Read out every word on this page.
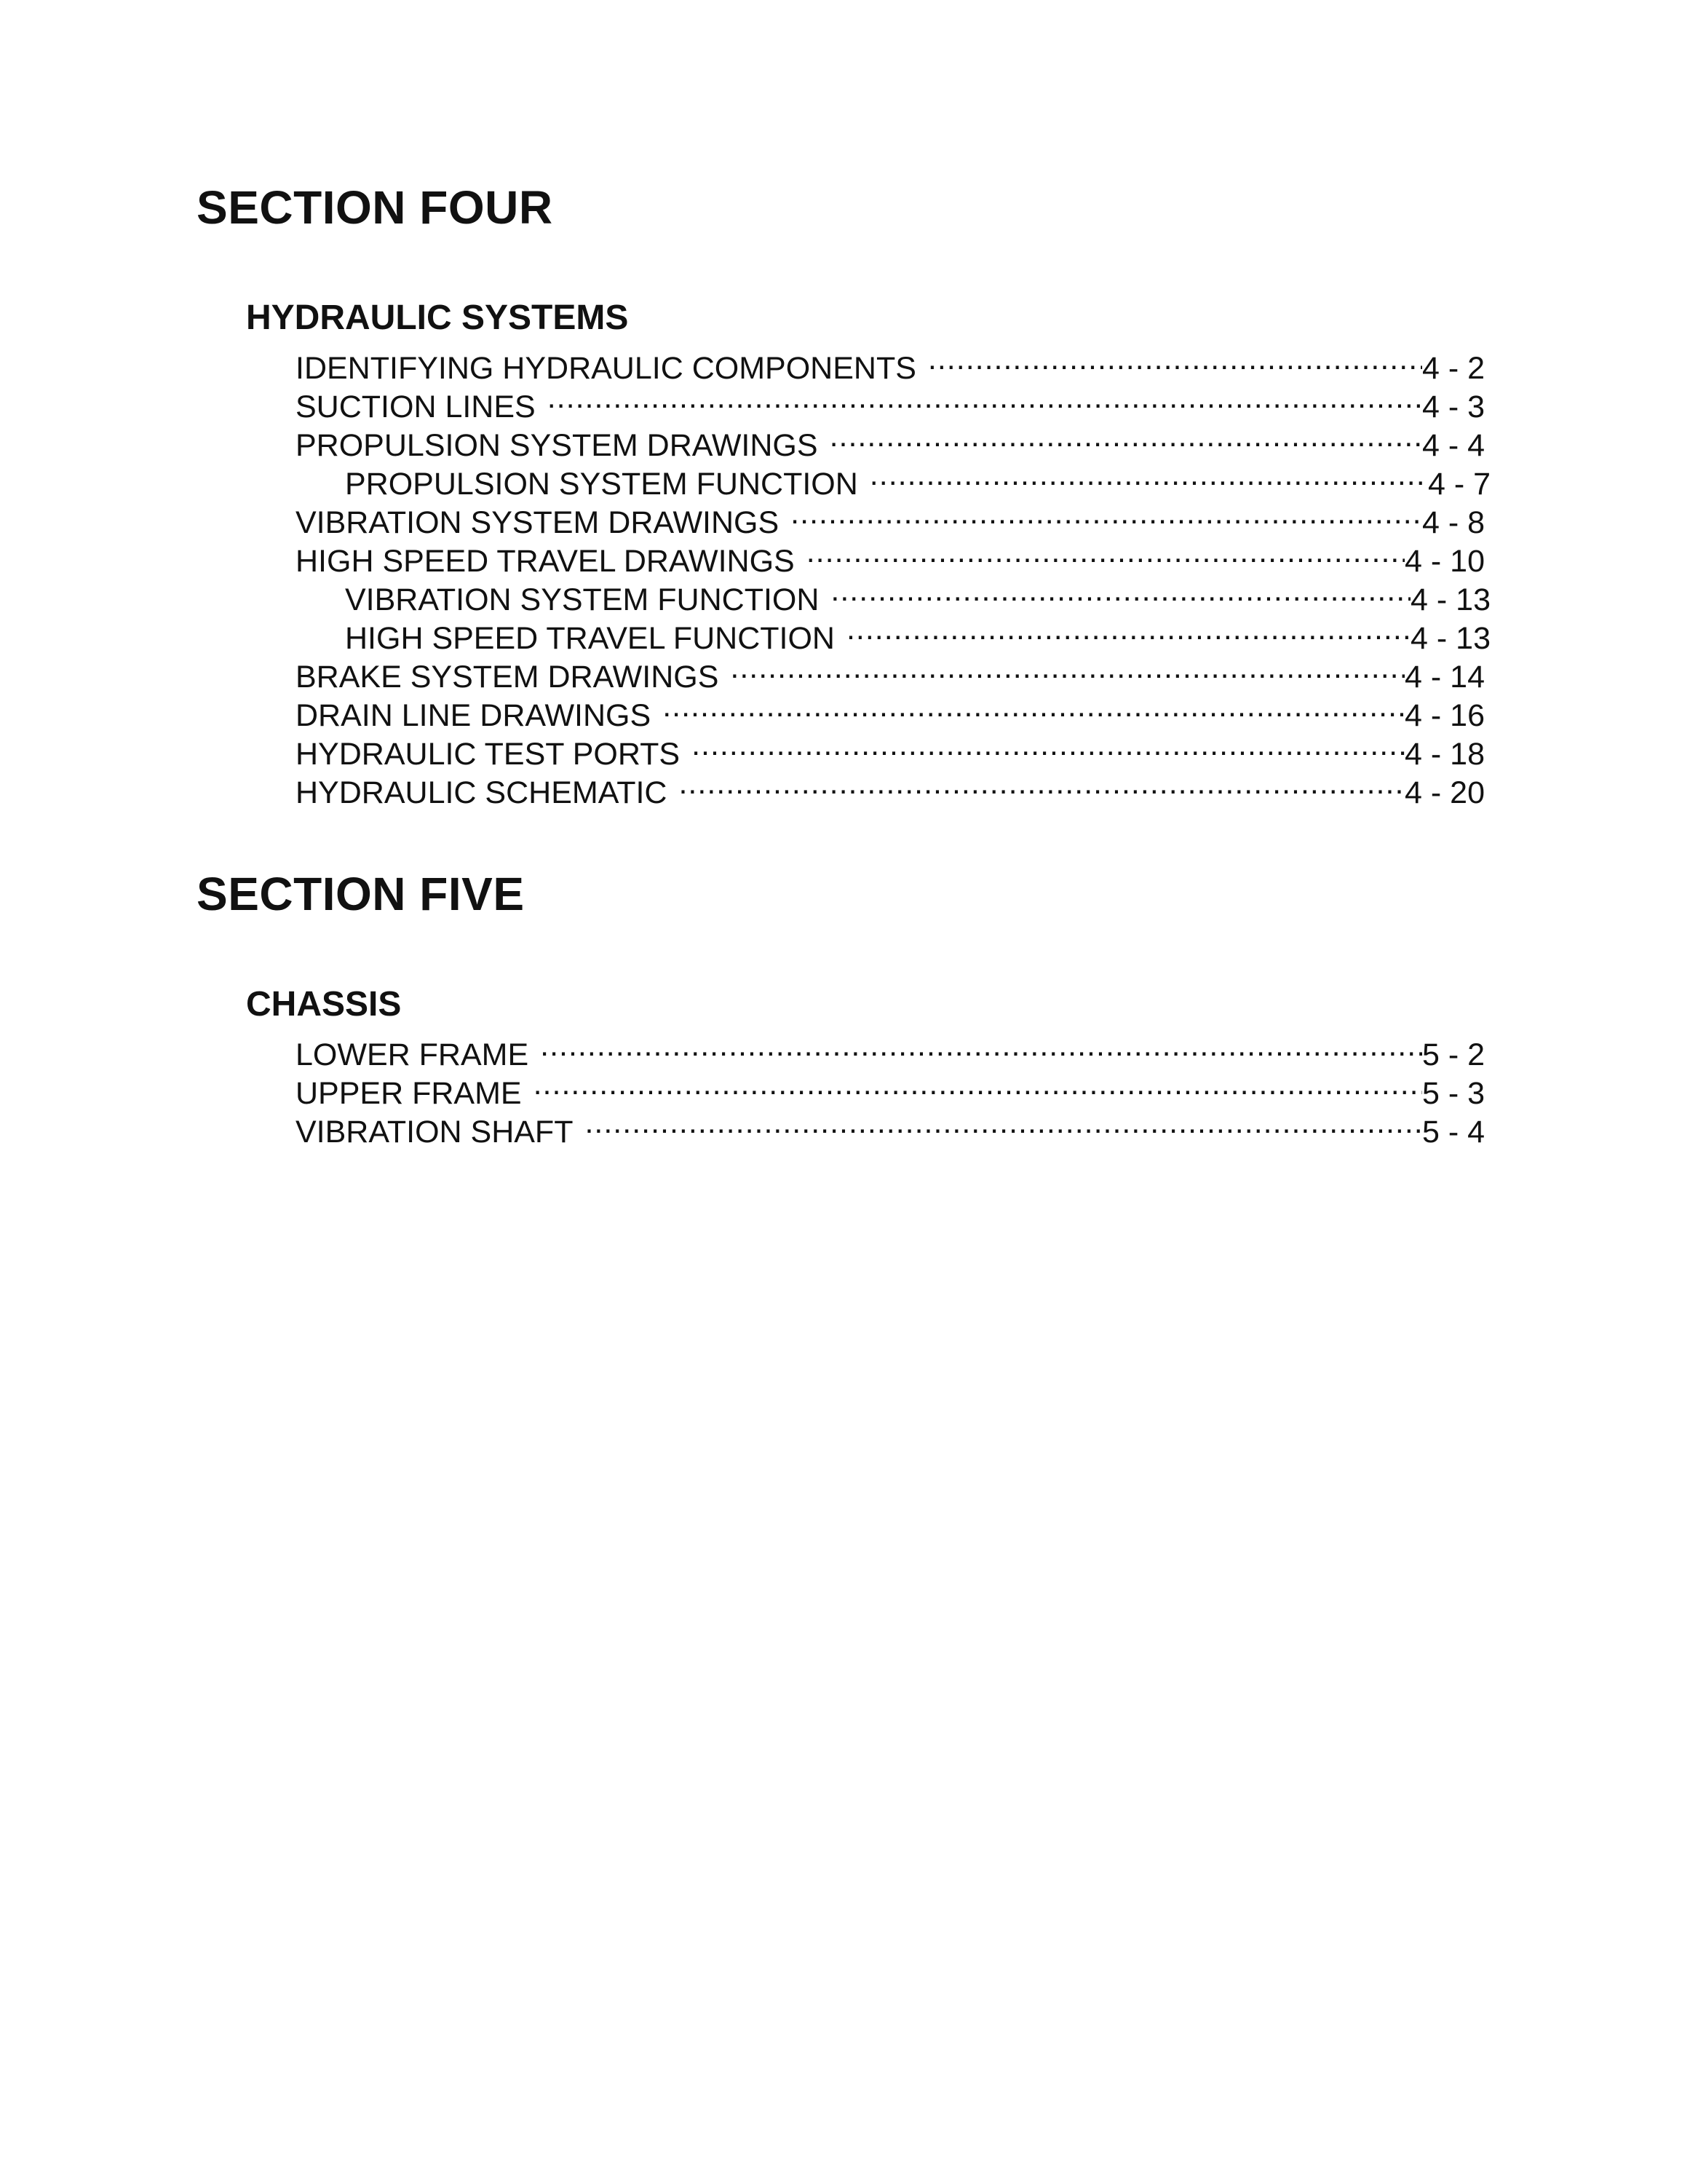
SECTION FOUR
HYDRAULIC SYSTEMS
IDENTIFYING HYDRAULIC COMPONENTS .....	4 - 2
SUCTION LINES .....	4 - 3
PROPULSION SYSTEM DRAWINGS .....	4 - 4
PROPULSION SYSTEM FUNCTION .....	4 - 7
VIBRATION SYSTEM DRAWINGS .....	4 - 8
HIGH SPEED TRAVEL DRAWINGS .....	4 - 10
VIBRATION SYSTEM FUNCTION .....	4 - 13
HIGH SPEED TRAVEL FUNCTION .....	4 - 13
BRAKE SYSTEM DRAWINGS .....	4 - 14
DRAIN LINE DRAWINGS .....	4 - 16
HYDRAULIC TEST PORTS .....	4 - 18
HYDRAULIC SCHEMATIC .....	4 - 20
SECTION FIVE
CHASSIS
LOWER FRAME .....	5 - 2
UPPER FRAME .....	5 - 3
VIBRATION SHAFT .....	5 - 4
